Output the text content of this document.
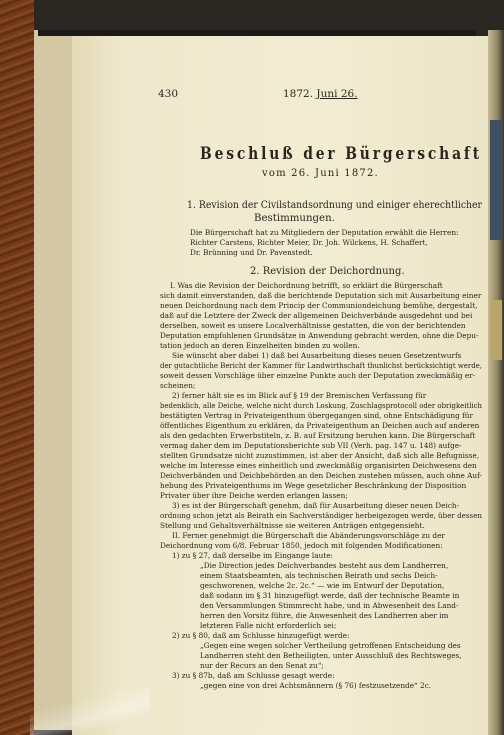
430	1872. Juni 26.
Beschluß der Bürgerschaft
vom 26. Juni 1872.
1. Revision der Civilstandsordnung und einiger eherechtlicher
Bestimmungen.
Die Bürgerschaft hat zu Mitgliedern der Deputation erwählt die Herren:
Richter Carstens, Richter Meier, Dr. Joh. Wilckens, H. Schaffert,
Dr. Brünning und Dr. Pavenstedt.
2. Revision der Deichordnung.
I. Was die Revision der Deichordnung betrifft, so erklärt die Bürgerschaft
sich damit einverstanden, daß die berichtende Deputation sich mit Ausarbeitung einer
neuen Deichordnung nach dem Princip der Communiondeichung bemühe, dergestalt,
daß auf die Letztere der Zweck der allgemeinen Deichverbände ausgedehnt und bei
derselben, soweit es unsere Localverhältnisse gestatten, die von der berichtenden
Deputation empfohlenen Grundsätze in Anwendung gebracht werden, ohne die Depu-
tation jedoch an deren Einzelheiten binden zu wollen.
Sie wünscht aber dabei 1) daß bei Ausarbeitung dieses neuen Gesetzentwurfs
der gutachtliche Bericht der Kammer für Landwirthschaft thunlichst berücksichtigt werde,
soweit dessen Vorschläge über einzelne Punkte auch der Deputation zweckmäßig er-
scheinen;
2) ferner hält sie es im Blick auf § 19 der Bremischen Verfassung für
bedenklich, alle Deiche, welche nicht durch Loskung, Zuschlagsprotocoll oder obrigkeitlich
bestätigten Vertrag in Privateigenthum übergegangen sind, ohne Entschädigung für
öffentliches Eigenthum zu erklären, da Privateigenthum an Deichen auch auf anderen
als den gedachten Erwerbstiteln, z. B. auf Ersitzung beruhen kann. Die Bürgerschaft
vermag daher dem im Deputationsberichte sub VII (Verh. pag. 147 u. 148) aufge-
stellten Grundsatze nicht zuzustimmen, ist aber der Ansicht, daß sich alle Befugnisse,
welche im Interesse eines einheitlich und zweckmäßig organisirten Deichwesens den
Deichverbänden und Deichbehörden an den Deichen zustehen müssen, auch ohne Auf-
hebung des Privateigenthums im Wege gesetzlicher Beschränkung der Disposition
Privater über ihre Deiche werden erlangen lassen;
3) es ist der Bürgerschaft genehm, daß für Ausarbeitung dieser neuen Deich-
ordnung schon jetzt als Beirath ein Sachverständiger herbeigezogen werde, über dessen
Stellung und Gehaltsverhältnisse sie weiteren Anträgen entgegensieht.
II. Ferner genehmigt die Bürgerschaft die Abänderungsvorschläge zu der
Deichordnung vom 6/8. Februar 1850, jedoch mit folgenden Modificationen:
1) zu § 27, daß derselbe im Eingange laute:
„Die Direction jedes Deichverbandes besteht aus dem Landherren,
einem Staatsbeamten, als technischen Beirath und sechs Deich-
geschworenen, welche 2c. 2c.“ — wie im Entwurf der Deputation,
daß sodann im § 31 hinzugefügt werde, daß der technische Beamte in
den Versammlungen Stimmrecht habe, und in Abwesenheit des Land-
herren den Vorsitz führe, die Anwesenheit des Landherren aber im
letzteren Falle nicht erforderlich sei;
2) zu § 80, daß am Schlusse hinzugefügt werde:
„Gegen eine wegen solcher Vertheilung getroffenen Entscheidung des
Landherren steht den Betheiligten, unter Ausschluß des Rechtsweges,
nur der Recurs an den Senat zu“;
3) zu § 87b, daß am Schlusse gesagt werde:
„gegen eine von drei Achtsmännern (§ 76) festzusetzende“ 2c.
